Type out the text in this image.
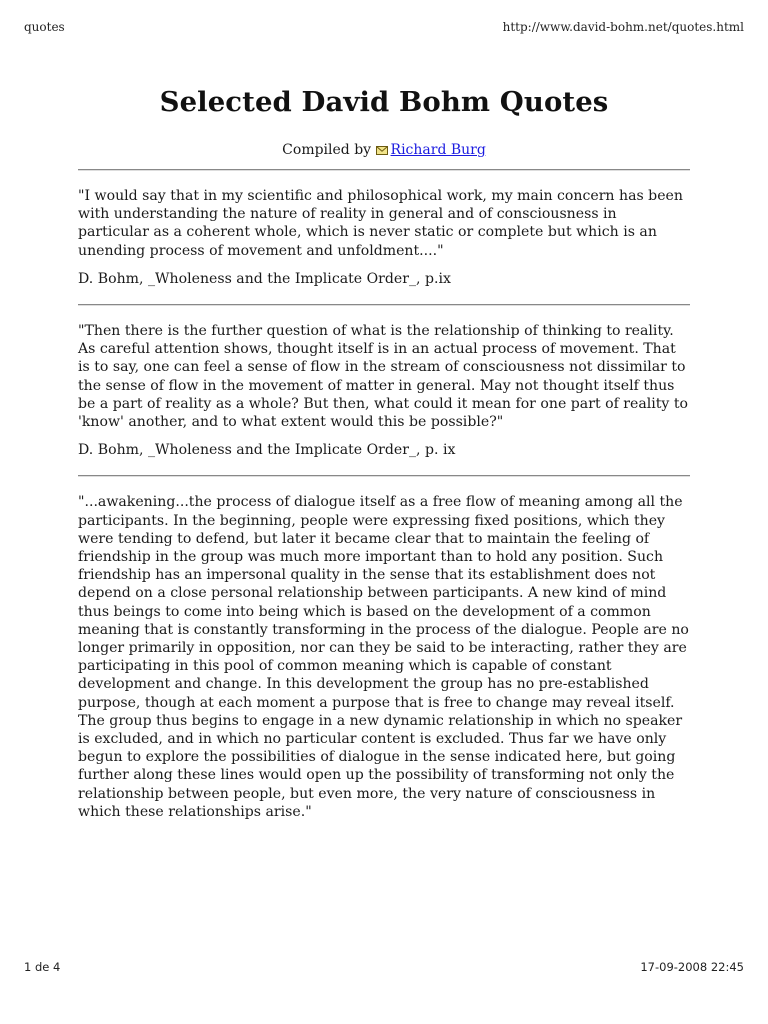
quotes	http://www.david-bohm.net/quotes.html
Selected David Bohm Quotes
Compiled by Richard Burg

"I would say that in my scientific and philosophical work, my main concern has been with understanding the nature of reality in general and of consciousness in particular as a coherent whole, which is never static or complete but which is an unending process of movement and unfoldment...."

D. Bohm, _Wholeness and the Implicate Order_, p.ix

"Then there is the further question of what is the relationship of thinking to reality. As careful attention shows, thought itself is in an actual process of movement. That is to say, one can feel a sense of flow in the stream of consciousness not dissimilar to the sense of flow in the movement of matter in general. May not thought itself thus be a part of reality as a whole? But then, what could it mean for one part of reality to 'know' another, and to what extent would this be possible?"

D. Bohm, _Wholeness and the Implicate Order_, p. ix

"...awakening...the process of dialogue itself as a free flow of meaning among all the participants. In the beginning, people were expressing fixed positions, which they were tending to defend, but later it became clear that to maintain the feeling of friendship in the group was much more important than to hold any position. Such friendship has an impersonal quality in the sense that its establishment does not depend on a close personal relationship between participants. A new kind of mind thus beings to come into being which is based on the development of a common meaning that is constantly transforming in the process of the dialogue. People are no longer primarily in opposition, nor can they be said to be interacting, rather they are participating in this pool of common meaning which is capable of constant development and change. In this development the group has no pre-established purpose, though at each moment a purpose that is free to change may reveal itself. The group thus begins to engage in a new dynamic relationship in which no speaker is excluded, and in which no particular content is excluded. Thus far we have only begun to explore the possibilities of dialogue in the sense indicated here, but going further along these lines would open up the possibility of transforming not only the relationship between people, but even more, the very nature of consciousness in which these relationships arise."

1 de 4	17-09-2008 22:45
